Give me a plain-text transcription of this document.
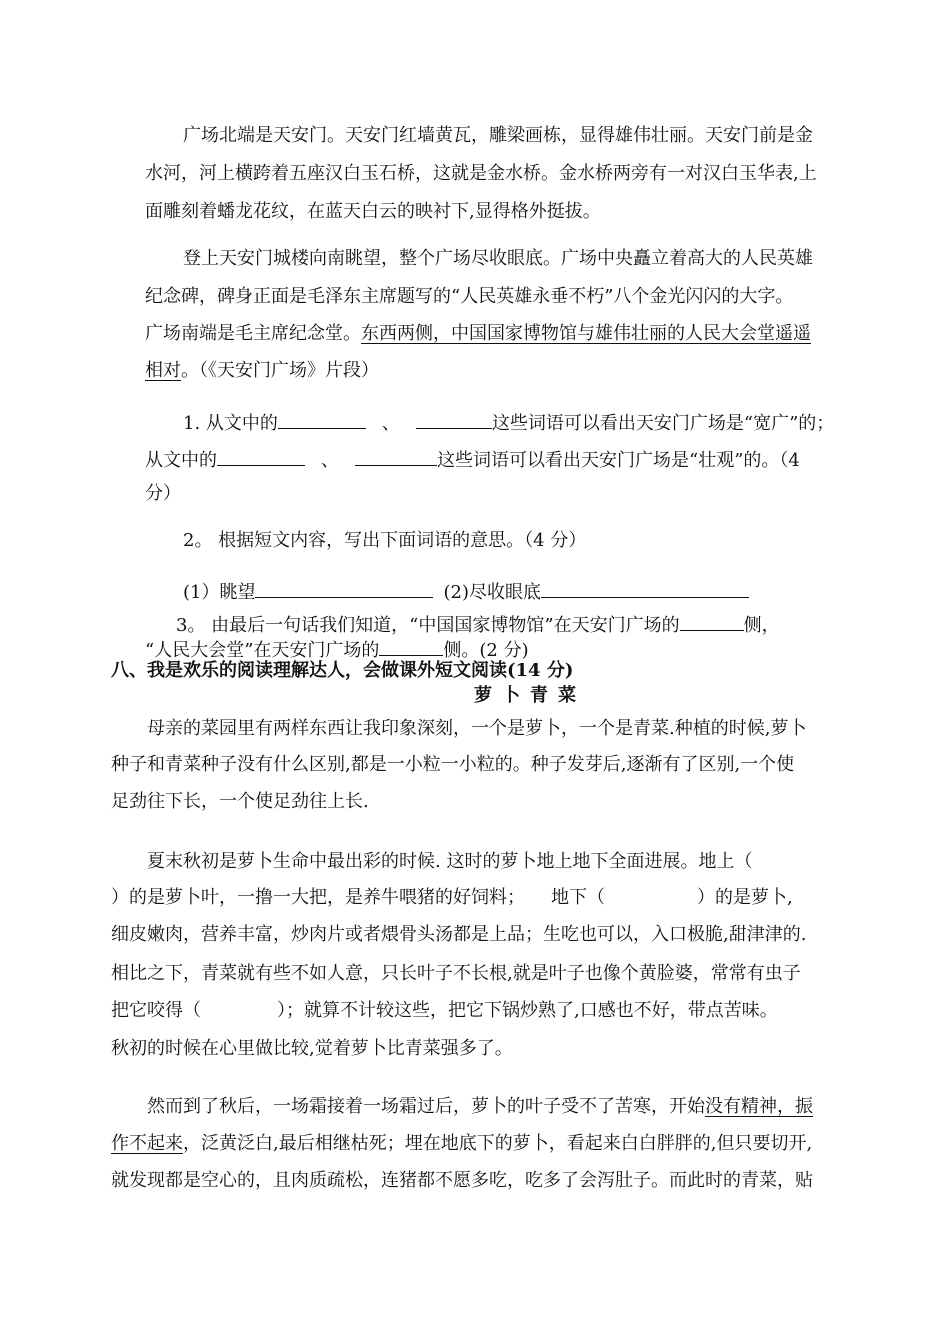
广场北端是天安门。天安门红墙黄瓦，雕梁画栋，显得雄伟壮丽。天安门前是金
水河，河上横跨着五座汉白玉石桥，这就是金水桥。金水桥两旁有一对汉白玉华表,上
面雕刻着蟠龙花纹，在蓝天白云的映衬下,显得格外挺拔。
登上天安门城楼向南眺望，整个广场尽收眼底。广场中央矗立着高大的人民英雄
纪念碑，碑身正面是毛泽东主席题写的“人民英雄永垂不朽”八个金光闪闪的大字。
广场南端是毛主席纪念堂。东西两侧，中国国家博物馆与雄伟壮丽的人民大会堂遥遥
相对。（《天安门广场》片段）
1. 从文中的	、	这些词语可以看出天安门广场是“宽广”的；
从文中的	、	这些词语可以看出天安门广场是“壮观”的。（4
分）
2。 根据短文内容，写出下面词语的意思。（4 分）
(1）眺望	(2)尽收眼底
3。 由最后一句话我们知道，“中国国家博物馆”在天安门广场的	侧，
“人民大会堂”在天安门广场的	侧。(2 分)
八、我是欢乐的阅读理解达人，会做课外短文阅读(14 分)
萝卜青菜
母亲的菜园里有两样东西让我印象深刻，一个是萝卜，一个是青菜.种植的时候,萝卜
种子和青菜种子没有什么区别,都是一小粒一小粒的。种子发芽后,逐渐有了区别,一个使
足劲往下长，一个使足劲往上长.
夏末秋初是萝卜生命中最出彩的时候. 这时的萝卜地上地下全面进展。地上（
）的是萝卜叶，一撸一大把，是养牛喂猪的好饲料； 地下（	）的是萝卜,
细皮嫩肉，营养丰富，炒肉片或者煨骨头汤都是上品；生吃也可以，入口极脆,甜津津的.
相比之下，青菜就有些不如人意，只长叶子不长根,就是叶子也像个黄脸婆，常常有虫子
把它咬得（	）；就算不计较这些，把它下锅炒熟了,口感也不好，带点苦味。
秋初的时候在心里做比较,觉着萝卜比青菜强多了。
然而到了秋后，一场霜接着一场霜过后，萝卜的叶子受不了苦寒，开始没有精神，振
作不起来，泛黄泛白,最后相继枯死；埋在地底下的萝卜，看起来白白胖胖的,但只要切开,
就发现都是空心的，且肉质疏松，连猪都不愿多吃，吃多了会泻肚子。而此时的青菜，贴
